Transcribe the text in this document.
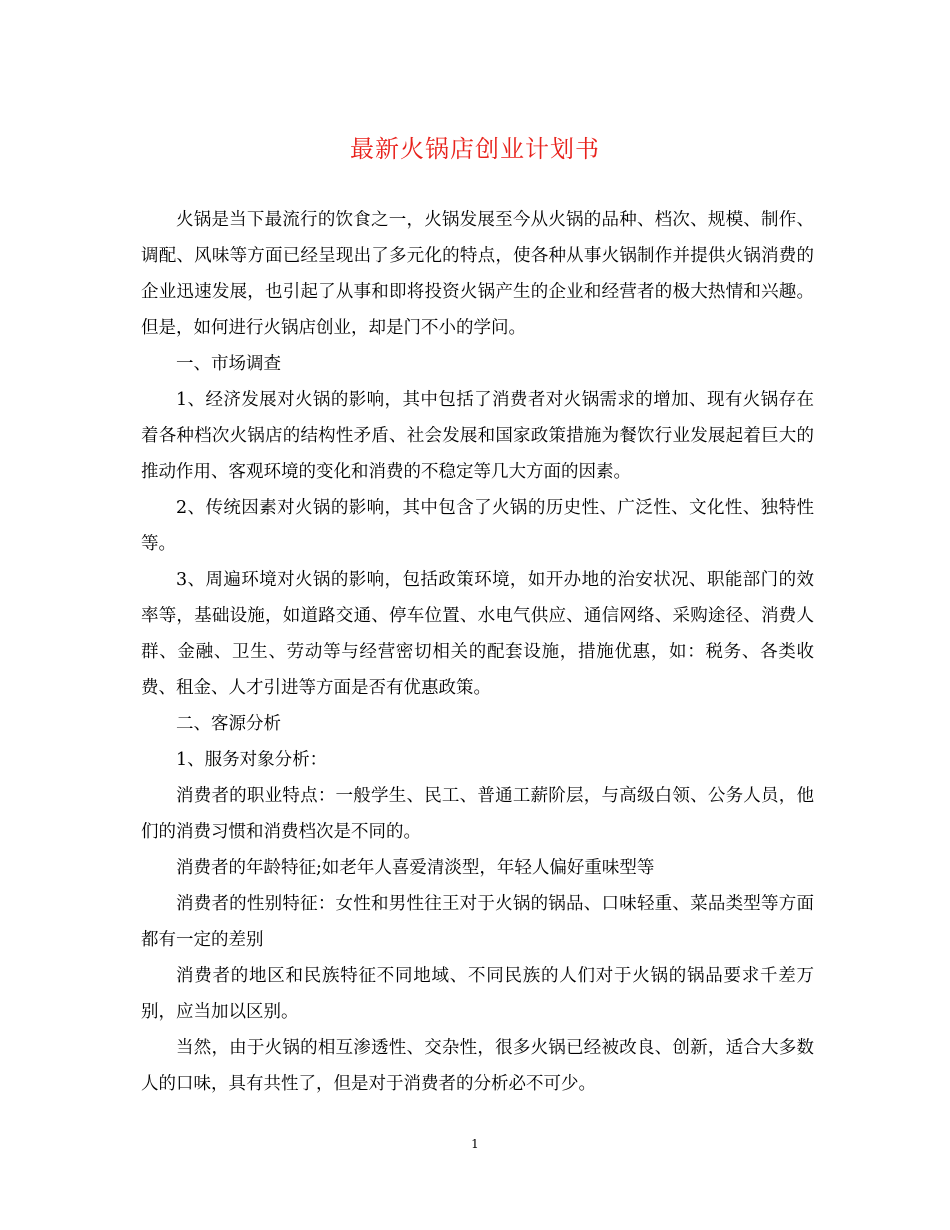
最新火锅店创业计划书

火锅是当下最流行的饮食之一，火锅发展至今从火锅的品种、档次、规模、制作、调配、风味等方面已经呈现出了多元化的特点，使各种从事火锅制作并提供火锅消费的企业迅速发展，也引起了从事和即将投资火锅产生的企业和经营者的极大热情和兴趣。但是，如何进行火锅店创业，却是门不小的学问。

一、市场调查

1、经济发展对火锅的影响，其中包括了消费者对火锅需求的增加、现有火锅存在着各种档次火锅店的结构性矛盾、社会发展和国家政策措施为餐饮行业发展起着巨大的推动作用、客观环境的变化和消费的不稳定等几大方面的因素。

2、传统因素对火锅的影响，其中包含了火锅的历史性、广泛性、文化性、独特性等。

3、周遍环境对火锅的影响，包括政策环境，如开办地的治安状况、职能部门的效率等，基础设施，如道路交通、停车位置、水电气供应、通信网络、采购途径、消费人群、金融、卫生、劳动等与经营密切相关的配套设施，措施优惠，如：税务、各类收费、租金、人才引进等方面是否有优惠政策。

二、客源分析

1、服务对象分析：

消费者的职业特点：一般学生、民工、普通工薪阶层，与高级白领、公务人员，他们的消费习惯和消费档次是不同的。

消费者的年龄特征;如老年人喜爱清淡型，年轻人偏好重味型等

消费者的性别特征：女性和男性往王对于火锅的锅品、口味轻重、菜品类型等方面都有一定的差别

消费者的地区和民族特征不同地域、不同民族的人们对于火锅的锅品要求千差万别，应当加以区别。

当然，由于火锅的相互渗透性、交杂性，很多火锅已经被改良、创新，适合大多数人的口味，具有共性了，但是对于消费者的分析必不可少。

1
